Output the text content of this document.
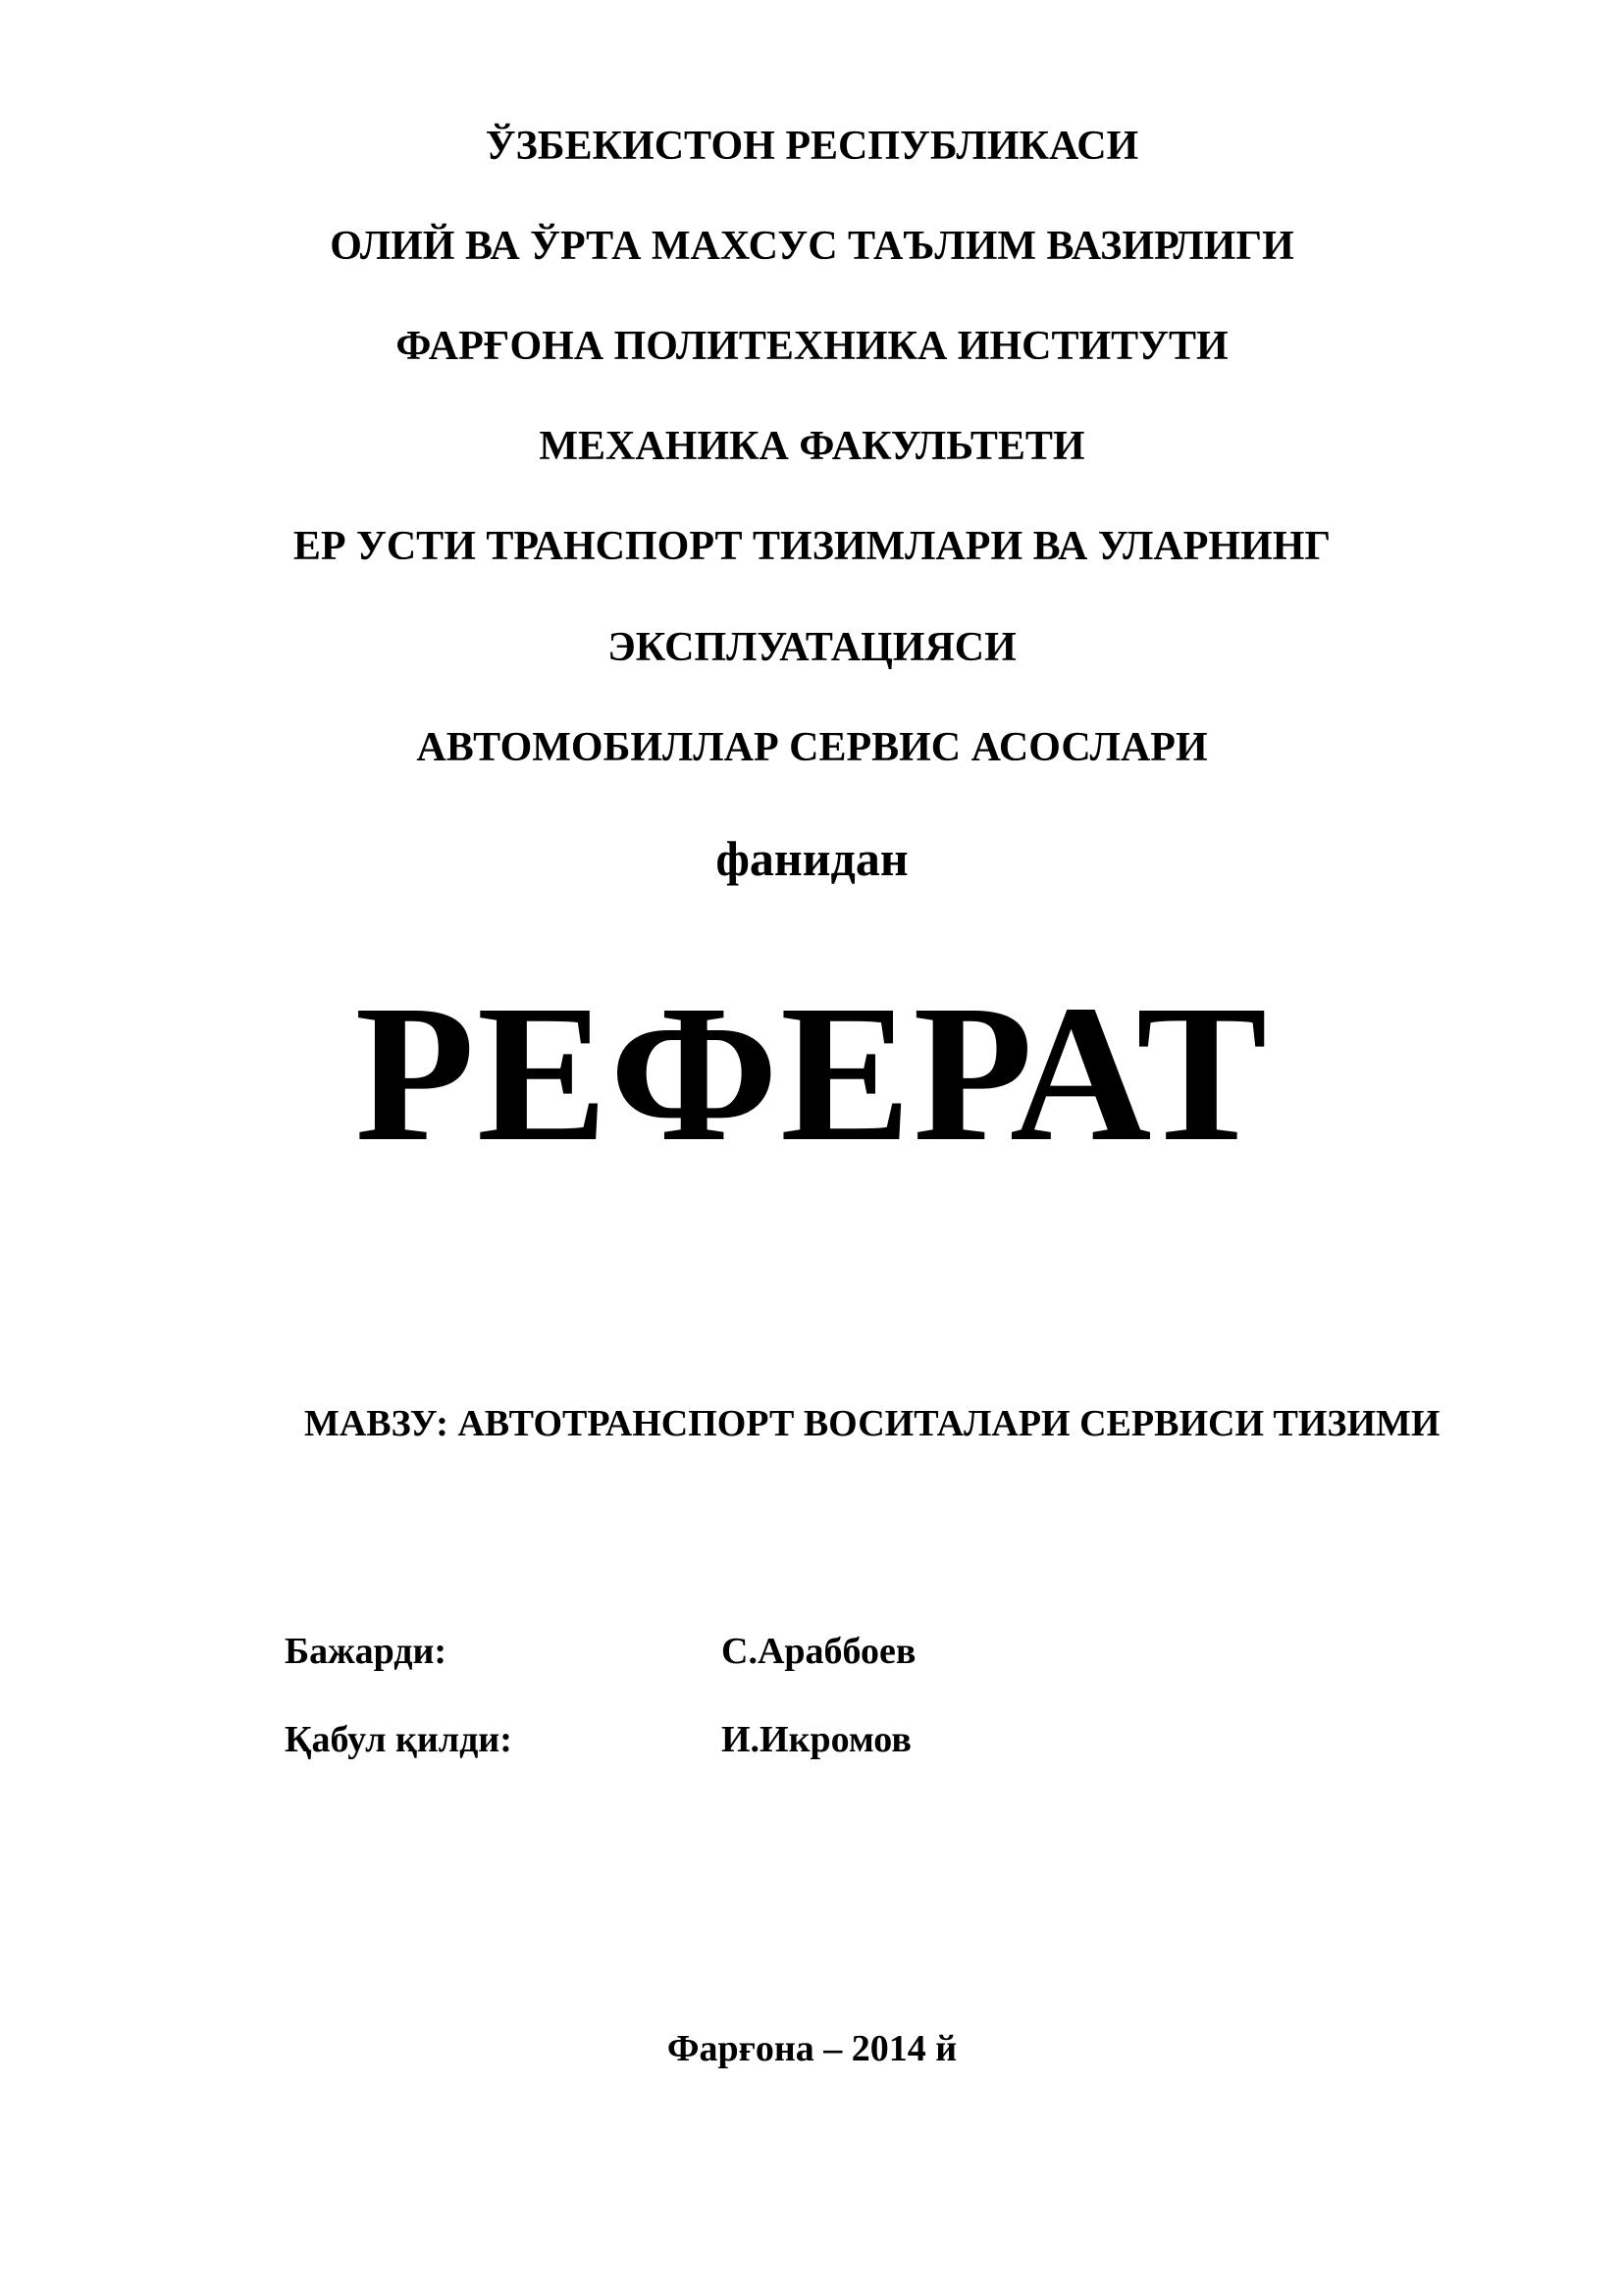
ЎЗБЕКИСТОН РЕСПУБЛИКАСИ
ОЛИЙ ВА ЎРТА МАХСУС ТАЪЛИМ ВАЗИРЛИГИ
ФАРҒОНА ПОЛИТЕХНИКА ИНСТИТУТИ
МЕХАНИКА ФАКУЛЬТЕТИ
ЕР УСТИ ТРАНСПОРТ ТИЗИМЛАРИ ВА УЛАРНИНГ
ЭКСПЛУАТАЦИЯСИ
АВТОМОБИЛЛАР СЕРВИС АСОСЛАРИ
фанидан
РЕФЕРАТ
МАВЗУ: АВТОТРАНСПОРТ ВОСИТАЛАРИ СЕРВИСИ ТИЗИМИ
Бажарди:	С.Араббоев
Қабул қилди:	И.Икромов
Фарғона – 2014 й
